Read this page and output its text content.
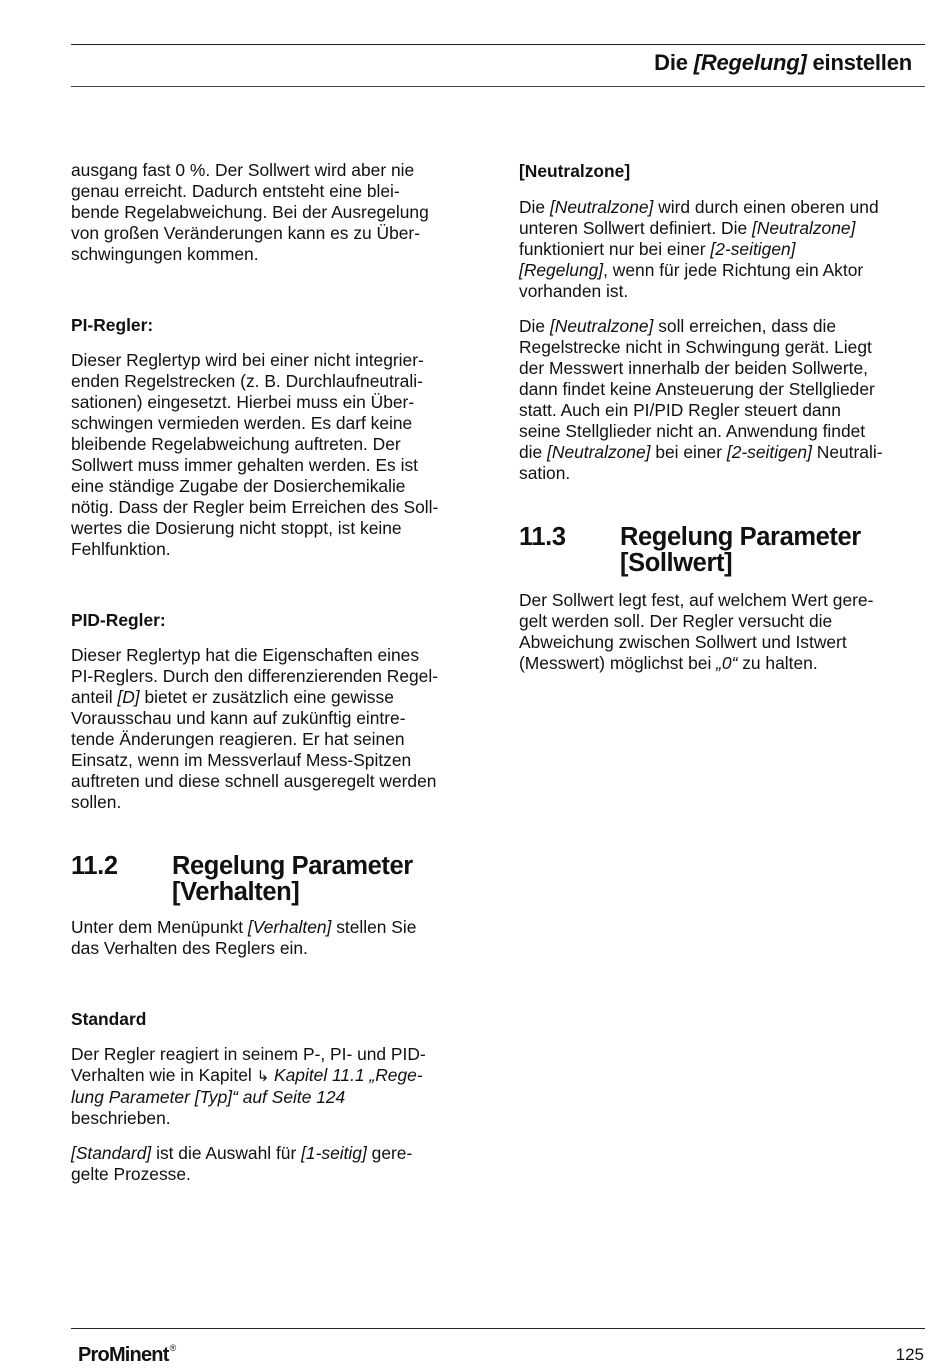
Die [Regelung] einstellen

ausgang fast 0 %. Der Sollwert wird aber nie

genau erreicht. Dadurch entsteht eine blei-

bende Regelabweichung. Bei der Ausregelung

von großen Veränderungen kann es zu Über-

schwingungen kommen.

PI-Regler:

Dieser Reglertyp wird bei einer nicht integrier-

enden Regelstrecken (z. B. Durchlaufneutrali-

sationen) eingesetzt. Hierbei muss ein Über-

schwingen vermieden werden. Es darf keine

bleibende Regelabweichung auftreten. Der

Sollwert muss immer gehalten werden. Es ist

eine ständige Zugabe der Dosierchemikalie

nötig. Dass der Regler beim Erreichen des Soll-

wertes die Dosierung nicht stoppt, ist keine

Fehlfunktion.

PID-Regler:

Dieser Reglertyp hat die Eigenschaften eines

PI-Reglers. Durch den differenzierenden Regel-

anteil [D] bietet er zusätzlich eine gewisse

Vorausschau und kann auf zukünftig eintre-

tende Änderungen reagieren. Er hat seinen

Einsatz, wenn im Messverlauf Mess-Spitzen

auftreten und diese schnell ausgeregelt werden

sollen.

11.2	Regelung Parameter

[Verhalten]

Unter dem Menüpunkt [Verhalten] stellen Sie

das Verhalten des Reglers ein.

Standard

Der Regler reagiert in seinem P-, PI- und PID-

Verhalten wie in Kapitel ↳ Kapitel 11.1 „Rege-

lung Parameter [Typ]“ auf Seite 124

beschrieben.

[Standard] ist die Auswahl für [1-seitig] gere-

gelte Prozesse.

[Neutralzone]

Die [Neutralzone] wird durch einen oberen und

unteren Sollwert definiert. Die [Neutralzone]

funktioniert nur bei einer [2-seitigen]

[Regelung], wenn für jede Richtung ein Aktor

vorhanden ist.

Die [Neutralzone] soll erreichen, dass die

Regelstrecke nicht in Schwingung gerät. Liegt

der Messwert innerhalb der beiden Sollwerte,

dann findet keine Ansteuerung der Stellglieder

statt. Auch ein PI/PID Regler steuert dann

seine Stellglieder nicht an. Anwendung findet

die [Neutralzone] bei einer [2-seitigen] Neutrali-

sation.

11.3	Regelung Parameter

[Sollwert]

Der Sollwert legt fest, auf welchem Wert gere-

gelt werden soll. Der Regler versucht die

Abweichung zwischen Sollwert und Istwert

(Messwert) möglichst bei „0“ zu halten.

ProMinent®	125
